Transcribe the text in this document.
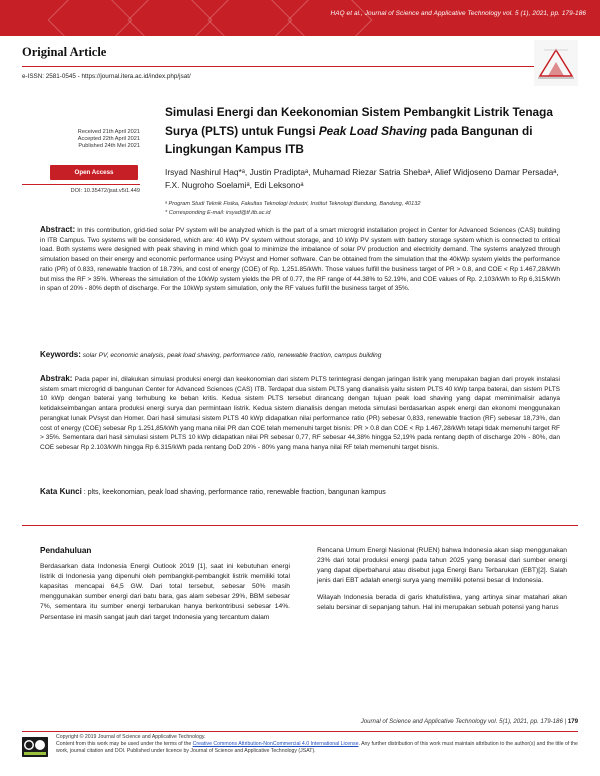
HAQ et al., Journal of Science and Applicative Technology vol. 5 (1), 2021, pp. 179-186
Original Article
e-ISSN: 2581-0545 - https://journal.itera.ac.id/index.php/jsat/
Received 21th April 2021
Accepted 22th April 2021
Published 24th Mei 2021
Open Access
DOI: 10.35472/jsat.v5i1.449
Simulasi Energi dan Keekonomian Sistem Pembangkit Listrik Tenaga Surya (PLTS) untuk Fungsi Peak Load Shaving pada Bangunan di Lingkungan Kampus ITB
Irsyad Nashirul Haq*ᵃ, Justin Pradiptaᵃ, Muhamad Riezar Satria Shebaᵃ, Alief Widjoseno Damar Persadaᵃ, F.X. Nugroho Soelamiᵃ, Edi Leksonoᵃ
ᵃ Program Studi Teknik Fisika, Fakultas Teknologi Industri, Institut Teknologi Bandung, Bandung, 40132
* Corresponding E-mail: irsyad@tf.itb.ac.id
Abstract: In this contribution, grid-tied solar PV system will be analyzed which is the part of a smart microgrid installation project in Center for Advanced Sciences (CAS) building in ITB Campus. Two systems will be considered, which are: 40 kWp PV system without storage, and 10 kWp PV system with battery storage system which is connected to critical load. Both systems were designed with peak shaving in mind which goal to minimize the imbalance of solar PV production and electricity demand. The systems analyzed through simulation based on their energy and economic performance using PVsyst and Homer software. Can be obtained from the simulation that the 40kWp system yields the performance ratio (PR) of 0.833, renewable fraction of 18.73%, and cost of energy (COE) of Rp. 1,251.85/kWh. Those values fulfill the business target of PR > 0.8, and COE < Rp 1.467,28/kWh but miss the RF > 35%. Whereas the simulation of the 10kWp system yields the PR of 0.77, the RF range of 44.38% to 52.19%, and COE values of Rp. 2,103/kWh to Rp 6,315/kWh in span of 20% - 80% depth of discharge. For the 10kWp system simulation, only the RF values fulfill the business target of 35%.
Keywords: solar PV, economic analysis, peak load shaving, performance ratio, renewable fraction, campus building
Abstrak: Pada paper ini, dilakukan simulasi produksi energi dan keekonomian dari sistem PLTS terintegrasi dengan jaringan listrik yang merupakan bagian dari proyek instalasi sistem smart microgrid di bangunan Center for Advanced Sciences (CAS) ITB. Terdapat dua sistem PLTS yang dianalisis yaitu sistem PLTS 40 kWp tanpa baterai, dan sistem PLTS 10 kWp dengan baterai yang terhubung ke beban kritis. Kedua sistem PLTS tersebut dirancang dengan tujuan peak load shaving yang dapat meminimalisir adanya ketidakseimbangan antara produksi energi surya dan permintaan listrik. Kedua sistem dianalisis dengan metoda simulasi berdasarkan aspek energi dan ekonomi menggunakan perangkat lunak PVsyst dan Homer. Dari hasil simulasi sistem PLTS 40 kWp didapatkan nilai performance ratio (PR) sebesar 0,833, renewable fraction (RF) sebesar 18,73%, dan cost of energy (COE) sebesar Rp 1.251,85/kWh yang mana nilai PR dan COE telah memenuhi target bisnis: PR > 0.8 dan COE < Rp 1.467,28/kWh tetapi tidak memenuhi target RF > 35%. Sementara dari hasil simulasi sistem PLTS 10 kWp didapatkan nilai PR sebesar 0,77, RF sebesar 44,38% hingga 52,19% pada rentang depth of discharge 20% - 80%, dan COE sebesar Rp 2.103/kWh hingga Rp 6.315/kWh pada rentang DoD 20% - 80% yang mana hanya nilai RF telah memenuhi target bisnis.
Kata Kunci : plts, keekonomian, peak load shaving, performance ratio, renewable fraction, bangunan kampus
Pendahuluan

Berdasarkan data Indonesia Energi Outlook 2019 [1], saat ini kebutuhan energi listrik di Indonesia yang dipenuhi oleh pembangkit-pembangkit listrik memiliki total kapasitas mencapai 64,5 GW. Dari total tersebut, sebesar 50% masih menggunakan sumber energi dari batu bara, gas alam sebesar 29%, BBM sebesar 7%, sementara itu sumber energi terbarukan hanya berkontribusi sebesar 14%. Persentase ini masih sangat jauh dari target Indonesia yang tercantum dalam

Rencana Umum Energi Nasional (RUEN) bahwa Indonesia akan siap menggunakan 23% dari total produksi energi pada tahun 2025 yang berasal dari sumber energi yang dapat diperbaharui atau disebut juga Energi Baru Terbarukan (EBT)[2]. Salah jenis dari EBT adalah energi surya yang memiliki potensi besar di Indonesia.

Wilayah Indonesia berada di garis khatulistiwa, yang artinya sinar matahari akan selalu bersinar di sepanjang tahun. Hal ini merupakan sebuah potensi yang harus

Journal of Science and Applicative Technology vol. 5(1), 2021, pp. 179-186 | 179
Copyright © 2019 Journal of Science and Applicative Technology.
Content from this work may be used under the terms of the Creative Commons Attribution-NonCommercial 4.0 International License. Any further distribution of this work must maintain attribution to the author(s) and the title of the work, journal citation and DOI. Published under licence by Journal of Science and Applicative Technology (JSAT).
